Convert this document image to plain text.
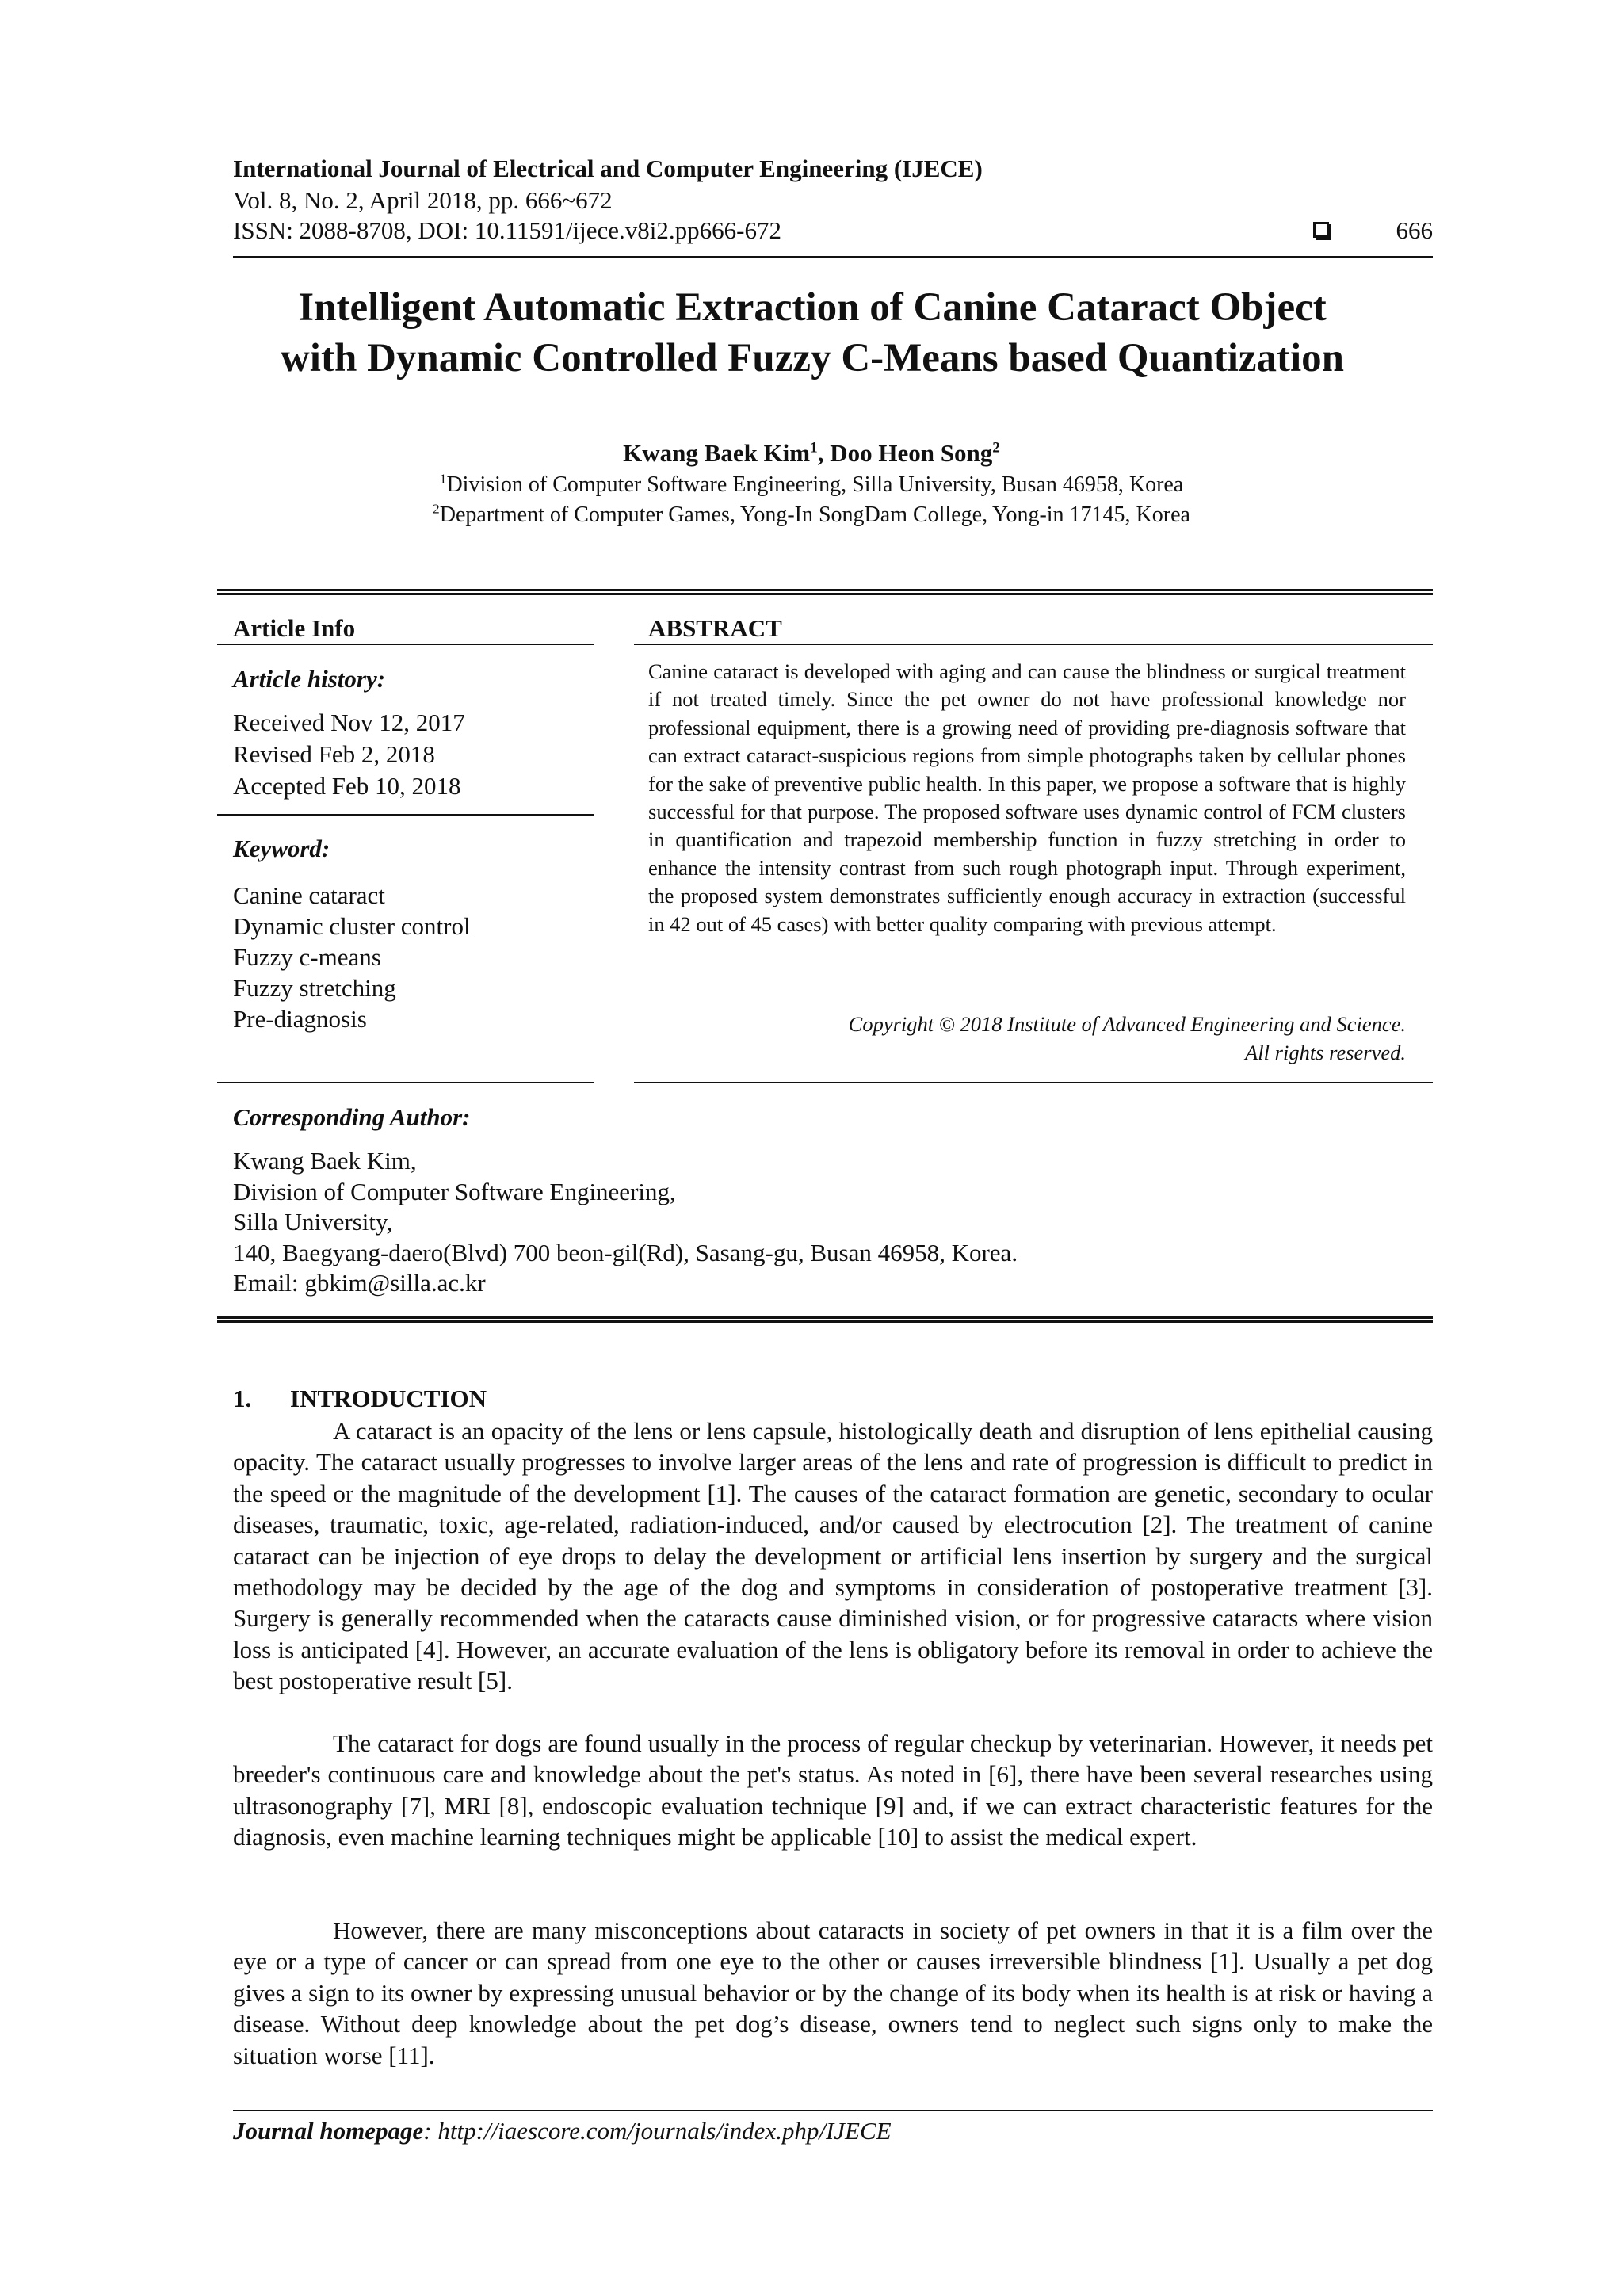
International Journal of Electrical and Computer Engineering (IJECE)
Vol. 8, No. 2, April 2018, pp. 666~672
ISSN: 2088-8708, DOI: 10.11591/ijece.v8i2.pp666-672	666
Intelligent Automatic Extraction of Canine Cataract Object
with Dynamic Controlled Fuzzy C-Means based Quantization
Kwang Baek Kim$^1$, Doo Heon Song$^2$
$^1$Division of Computer Software Engineering, Silla University, Busan 46958, Korea
$^2$Department of Computer Games, Yong-In SongDam College, Yong-in 17145, Korea
Article Info
Article history:
Received Nov 12, 2017
Revised Feb 2, 2018
Accepted Feb 10, 2018
Keyword:
Canine cataract
Dynamic cluster control
Fuzzy c-means
Fuzzy stretching
Pre-diagnosis
ABSTRACT
Canine cataract is developed with aging and can cause the blindness or surgical treatment if not treated timely. Since the pet owner do not have professional knowledge nor professional equipment, there is a growing need of providing pre-diagnosis software that can extract cataract-suspicious regions from simple photographs taken by cellular phones for the sake of preventive public health. In this paper, we propose a software that is highly successful for that purpose. The proposed software uses dynamic control of FCM clusters in quantification and trapezoid membership function in fuzzy stretching in order to enhance the intensity contrast from such rough photograph input. Through experiment, the proposed system demonstrates sufficiently enough accuracy in extraction (successful in 42 out of 45 cases) with better quality comparing with previous attempt.
Copyright © 2018 Institute of Advanced Engineering and Science.
All rights reserved.
Corresponding Author:
Kwang Baek Kim,
Division of Computer Software Engineering,
Silla University,
140, Baegyang-daero(Blvd) 700 beon-gil(Rd), Sasang-gu, Busan 46958, Korea.
Email: gbkim@silla.ac.kr
1. INTRODUCTION
A cataract is an opacity of the lens or lens capsule, histologically death and disruption of lens epithelial causing opacity. The cataract usually progresses to involve larger areas of the lens and rate of progression is difficult to predict in the speed or the magnitude of the development [1]. The causes of the cataract formation are genetic, secondary to ocular diseases, traumatic, toxic, age-related, radiation-induced, and/or caused by electrocution [2]. The treatment of canine cataract can be injection of eye drops to delay the development or artificial lens insertion by surgery and the surgical methodology may be decided by the age of the dog and symptoms in consideration of postoperative treatment [3]. Surgery is generally recommended when the cataracts cause diminished vision, or for progressive cataracts where vision loss is anticipated [4]. However, an accurate evaluation of the lens is obligatory before its removal in order to achieve the best postoperative result [5].
The cataract for dogs are found usually in the process of regular checkup by veterinarian. However, it needs pet breeder's continuous care and knowledge about the pet's status. As noted in [6], there have been several researches using ultrasonography [7], MRI [8], endoscopic evaluation technique [9] and, if we can extract characteristic features for the diagnosis, even machine learning techniques might be applicable [10] to assist the medical expert.
However, there are many misconceptions about cataracts in society of pet owners in that it is a film over the eye or a type of cancer or can spread from one eye to the other or causes irreversible blindness [1]. Usually a pet dog gives a sign to its owner by expressing unusual behavior or by the change of its body when its health is at risk or having a disease. Without deep knowledge about the pet dog’s disease, owners tend to neglect such signs only to make the situation worse [11].
Journal homepage: http://iaescore.com/journals/index.php/IJECE
